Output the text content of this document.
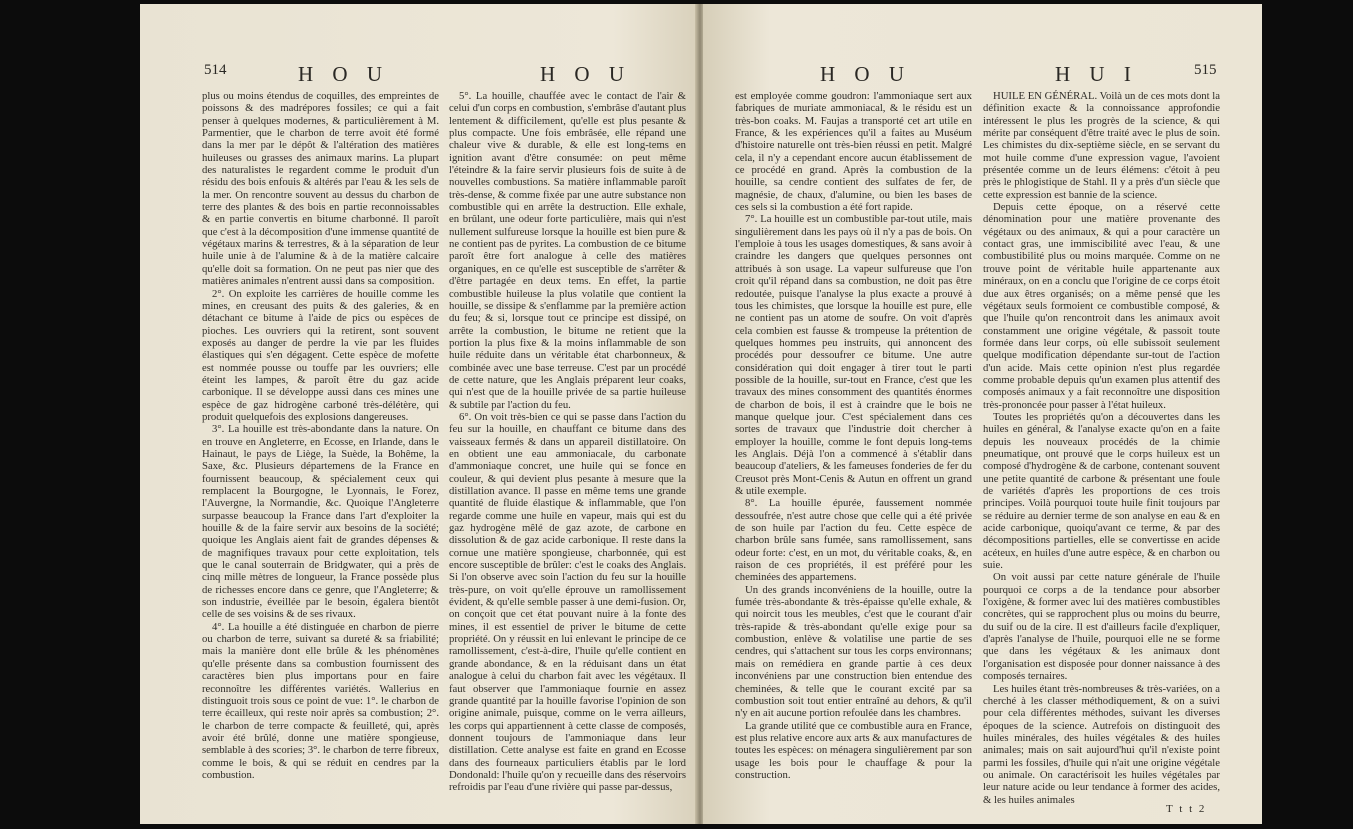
514	H O U	H O U

plus ou moins étendus de coquilles, des empreintes de poissons & des madrépores fossiles; ce qui a fait penser à quelques modernes, & particulièrement à M. Parmentier, que le charbon de terre avoit été formé dans la mer par le dépôt & l'altération des matières huileuses ou grasses des animaux marins. La plupart des naturalistes le regardent comme le produit d'un résidu des bois enfouis & altérés par l'eau & les sels de la mer. On rencontre souvent au dessus du charbon de terre des plantes & des bois en partie reconnoissables & en partie convertis en bitume charbonné. Il paroît que c'est à la décomposition d'une immense quantité de végétaux marins & terrestres, & à la séparation de leur huile unie à de l'alumine & à de la matière calcaire qu'elle doit sa formation. On ne peut pas nier que des matières animales n'entrent aussi dans sa composition.

2°. On exploite les carrières de houille comme les mines, en creusant des puits & des galeries, & en détachant ce bitume à l'aide de pics ou espèces de pioches. Les ouvriers qui la retirent, sont souvent exposés au danger de perdre la vie par les fluides élastiques qui s'en dégagent. Cette espèce de mofette est nommée pousse ou touffe par les ouvriers; elle éteint les lampes, & paroît être du gaz acide carbonique. Il se développe aussi dans ces mines une espèce de gaz hidrogène carboné très-délétère, qui produit quelquefois des explosions dangereuses.

3°. La houille est très-abondante dans la nature. On en trouve en Angleterre, en Ecosse, en Irlande, dans le Hainaut, le pays de Liège, la Suède, la Bohême, la Saxe, &c. Plusieurs départemens de la France en fournissent beaucoup, & spécialement ceux qui remplacent la Bourgogne, le Lyonnais, le Forez, l'Auvergne, la Normandie, &c. Quoique l'Angleterre surpasse beaucoup la France dans l'art d'exploiter la houille & de la faire servir aux besoins de la société; quoique les Anglais aient fait de grandes dépenses & de magnifiques travaux pour cette exploitation, tels que le canal souterrain de Bridgwater, qui a près de cinq mille mètres de longueur, la France possède plus de richesses encore dans ce genre, que l'Angleterre; & son industrie, éveillée par le besoin, égalera bientôt celle de ses voisins & de ses rivaux.

4°. La houille a été distinguée en charbon de pierre ou charbon de terre, suivant sa dureté & sa friabilité; mais la manière dont elle brûle & les phénomènes qu'elle présente dans sa combustion fournissent des caractères bien plus importans pour en faire reconnoître les différentes variétés. Wallerius en distinguoit trois sous ce point de vue: 1°. le charbon de terre écailleux, qui reste noir après sa combustion; 2°. le charbon de terre compacte & feuilleté, qui, après avoir été brûlé, donne une matière spongieuse, semblable à des scories; 3°. le charbon de terre fibreux, comme le bois, & qui se réduit en cendres par la combustion.

5°. La houille, chauffée avec le contact de l'air & celui d'un corps en combustion, s'embrâse d'autant plus lentement & difficilement, qu'elle est plus pesante & plus compacte. Une fois embrâsée, elle répand une chaleur vive & durable, & elle est long-tems en ignition avant d'être consumée: on peut même l'éteindre & la faire servir plusieurs fois de suite à de nouvelles combustions. Sa matière inflammable paroît très-dense, & comme fixée par une autre substance non combustible qui en arrête la destruction. Elle exhale, en brûlant, une odeur forte particulière, mais qui n'est nullement sulfureuse lorsque la houille est bien pure & ne contient pas de pyrites. La combustion de ce bitume paroît être fort analogue à celle des matières organiques, en ce qu'elle est susceptible de s'arrêter & d'être partagée en deux tems. En effet, la partie combustible huileuse la plus volatile que contient la houille, se dissipe & s'enflamme par la première action du feu; & si, lorsque tout ce principe est dissipé, on arrête la combustion, le bitume ne retient que la portion la plus fixe & la moins inflammable de son huile réduite dans un véritable état charbonneux, & combinée avec une base terreuse. C'est par un procédé de cette nature, que les Anglais préparent leur coaks, qui n'est que de la houille privée de sa partie huileuse & subtile par l'action du feu.

6°. On voit très-bien ce qui se passe dans l'action du feu sur la houille, en chauffant ce bitume dans des vaisseaux fermés & dans un appareil distillatoire. On en obtient une eau ammoniacale, du carbonate d'ammoniaque concret, une huile qui se fonce en couleur, & qui devient plus pesante à mesure que la distillation avance. Il passe en même tems une grande quantité de fluide élastique & inflammable, que l'on regarde comme une huile en vapeur, mais qui est du gaz hydrogène mêlé de gaz azote, de carbone en dissolution & de gaz acide carbonique. Il reste dans la cornue une matière spongieuse, charbonnée, qui est encore susceptible de brûler: c'est le coaks des Anglais. Si l'on observe avec soin l'action du feu sur la houille très-pure, on voit qu'elle éprouve un ramollissement évident, & qu'elle semble passer à une demi-fusion. Or, on conçoit que cet état pouvant nuire à la fonte des mines, il est essentiel de priver le bitume de cette propriété. On y réussit en lui enlevant le principe de ce ramollissement, c'est-à-dire, l'huile qu'elle contient en grande abondance, & en la réduisant dans un état analogue à celui du charbon fait avec les végétaux. Il faut observer que l'ammoniaque fournie en assez grande quantité par la houille favorise l'opinion de son origine animale, puisque, comme on le verra ailleurs, les corps qui appartiennent à cette classe de composés, donnent toujours de l'ammoniaque dans leur distillation. Cette analyse est faite en grand en Ecosse dans des fourneaux particuliers établis par le lord Dondonald: l'huile qu'on y recueille dans des réservoirs refroidis par l'eau d'une rivière qui passe par-dessus,

H O U	H U I	515

est employée comme goudron: l'ammoniaque sert aux fabriques de muriate ammoniacal, & le résidu est un très-bon coaks. M. Faujas a transporté cet art utile en France, & les expériences qu'il a faites au Muséum d'histoire naturelle ont très-bien réussi en petit. Malgré cela, il n'y a cependant encore aucun établissement de ce procédé en grand. Après la combustion de la houille, sa cendre contient des sulfates de fer, de magnésie, de chaux, d'alumine, ou bien les bases de ces sels si la combustion a été fort rapide.

7°. La houille est un combustible par-tout utile, mais singulièrement dans les pays où il n'y a pas de bois. On l'emploie à tous les usages domestiques, & sans avoir à craindre les dangers que quelques personnes ont attribués à son usage. La vapeur sulfureuse que l'on croit qu'il répand dans sa combustion, ne doit pas être redoutée, puisque l'analyse la plus exacte a prouvé à tous les chimistes, que lorsque la houille est pure, elle ne contient pas un atome de soufre. On voit d'après cela combien est fausse & trompeuse la prétention de quelques hommes peu instruits, qui annoncent des procédés pour dessoufrer ce bitume. Une autre considération qui doit engager à tirer tout le parti possible de la houille, sur-tout en France, c'est que les travaux des mines consomment des quantités énormes de charbon de bois, il est à craindre que le bois ne manque quelque jour. C'est spécialement dans ces sortes de travaux que l'industrie doit chercher à employer la houille, comme le font depuis long-tems les Anglais. Déjà l'on a commencé à s'établir dans beaucoup d'ateliers, & les fameuses fonderies de fer du Creusot près Mont-Cenis & Autun en offrent un grand & utile exemple.

8°. La houille épurée, faussement nommée dessoufrée, n'est autre chose que celle qui a été privée de son huile par l'action du feu. Cette espèce de charbon brûle sans fumée, sans ramollissement, sans odeur forte: c'est, en un mot, du véritable coaks, &, en raison de ces propriétés, il est préféré pour les cheminées des appartemens.

Un des grands inconvéniens de la houille, outre la fumée très-abondante & très-épaisse qu'elle exhale, & qui noircit tous les meubles, c'est que le courant d'air très-rapide & très-abondant qu'elle exige pour sa combustion, enlève & volatilise une partie de ses cendres, qui s'attachent sur tous les corps environnans; mais on remédiera en grande partie à ces deux inconvéniens par une construction bien entendue des cheminées, & telle que le courant excité par sa combustion soit tout entier entraîné au dehors, & qu'il n'y en ait aucune portion refoulée dans les chambres.

La grande utilité que ce combustible aura en France, est plus relative encore aux arts & aux manufactures de toutes les espèces: on ménagera singulièrement par son usage les bois pour le chauffage & pour la construction.

HUILE EN GÉNÉRAL. Voilà un de ces mots dont la définition exacte & la connoissance approfondie intéressent le plus les progrès de la science, & qui mérite par conséquent d'être traité avec le plus de soin. Les chimistes du dix-septième siècle, en se servant du mot huile comme d'une expression vague, l'avoient présentée comme un de leurs élémens: c'étoit à peu près le phlogistique de Stahl. Il y a près d'un siècle que cette expression est bannie de la science.

Depuis cette époque, on a réservé cette dénomination pour une matière provenante des végétaux ou des animaux, & qui a pour caractère un contact gras, une immiscibilité avec l'eau, & une combustibilité plus ou moins marquée. Comme on ne trouve point de véritable huile appartenante aux minéraux, on en a conclu que l'origine de ce corps étoit due aux êtres organisés; on a même pensé que les végétaux seuls formoient ce combustible composé, & que l'huile qu'on rencontroit dans les animaux avoit constamment une origine végétale, & passoit toute formée dans leur corps, où elle subissoit seulement quelque modification dépendante sur-tout de l'action d'un acide. Mais cette opinion n'est plus regardée comme probable depuis qu'un examen plus attentif des composés animaux y a fait reconnoître une disposition très-prononcée pour passer à l'état huileux.

Toutes les propriétés qu'on a découvertes dans les huiles en général, & l'analyse exacte qu'on en a faite depuis les nouveaux procédés de la chimie pneumatique, ont prouvé que le corps huileux est un composé d'hydrogène & de carbone, contenant souvent une petite quantité de carbone & présentant une foule de variétés d'après les proportions de ces trois principes. Voilà pourquoi toute huile finit toujours par se réduire au dernier terme de son analyse en eau & en acide carbonique, quoiqu'avant ce terme, & par des décompositions partielles, elle se convertisse en acide acéteux, en huiles d'une autre espèce, & en charbon ou suie.

On voit aussi par cette nature générale de l'huile pourquoi ce corps a de la tendance pour absorber l'oxigène, & former avec lui des matières combustibles concrètes, qui se rapprochent plus ou moins du beurre, du suif ou de la cire. Il est d'ailleurs facile d'expliquer, d'après l'analyse de l'huile, pourquoi elle ne se forme que dans les végétaux & les animaux dont l'organisation est disposée pour donner naissance à des composés ternaires.

Les huiles étant très-nombreuses & très-variées, on a cherché à les classer méthodiquement, & on a suivi pour cela différentes méthodes, suivant les diverses époques de la science. Autrefois on distinguoit des huiles minérales, des huiles végétales & des huiles animales; mais on sait aujourd'hui qu'il n'existe point parmi les fossiles, d'huile qui n'ait une origine végétale ou animale. On caractérisoit les huiles végétales par leur nature acide ou leur tendance à former des acides, & les huiles animales

T t t 2
